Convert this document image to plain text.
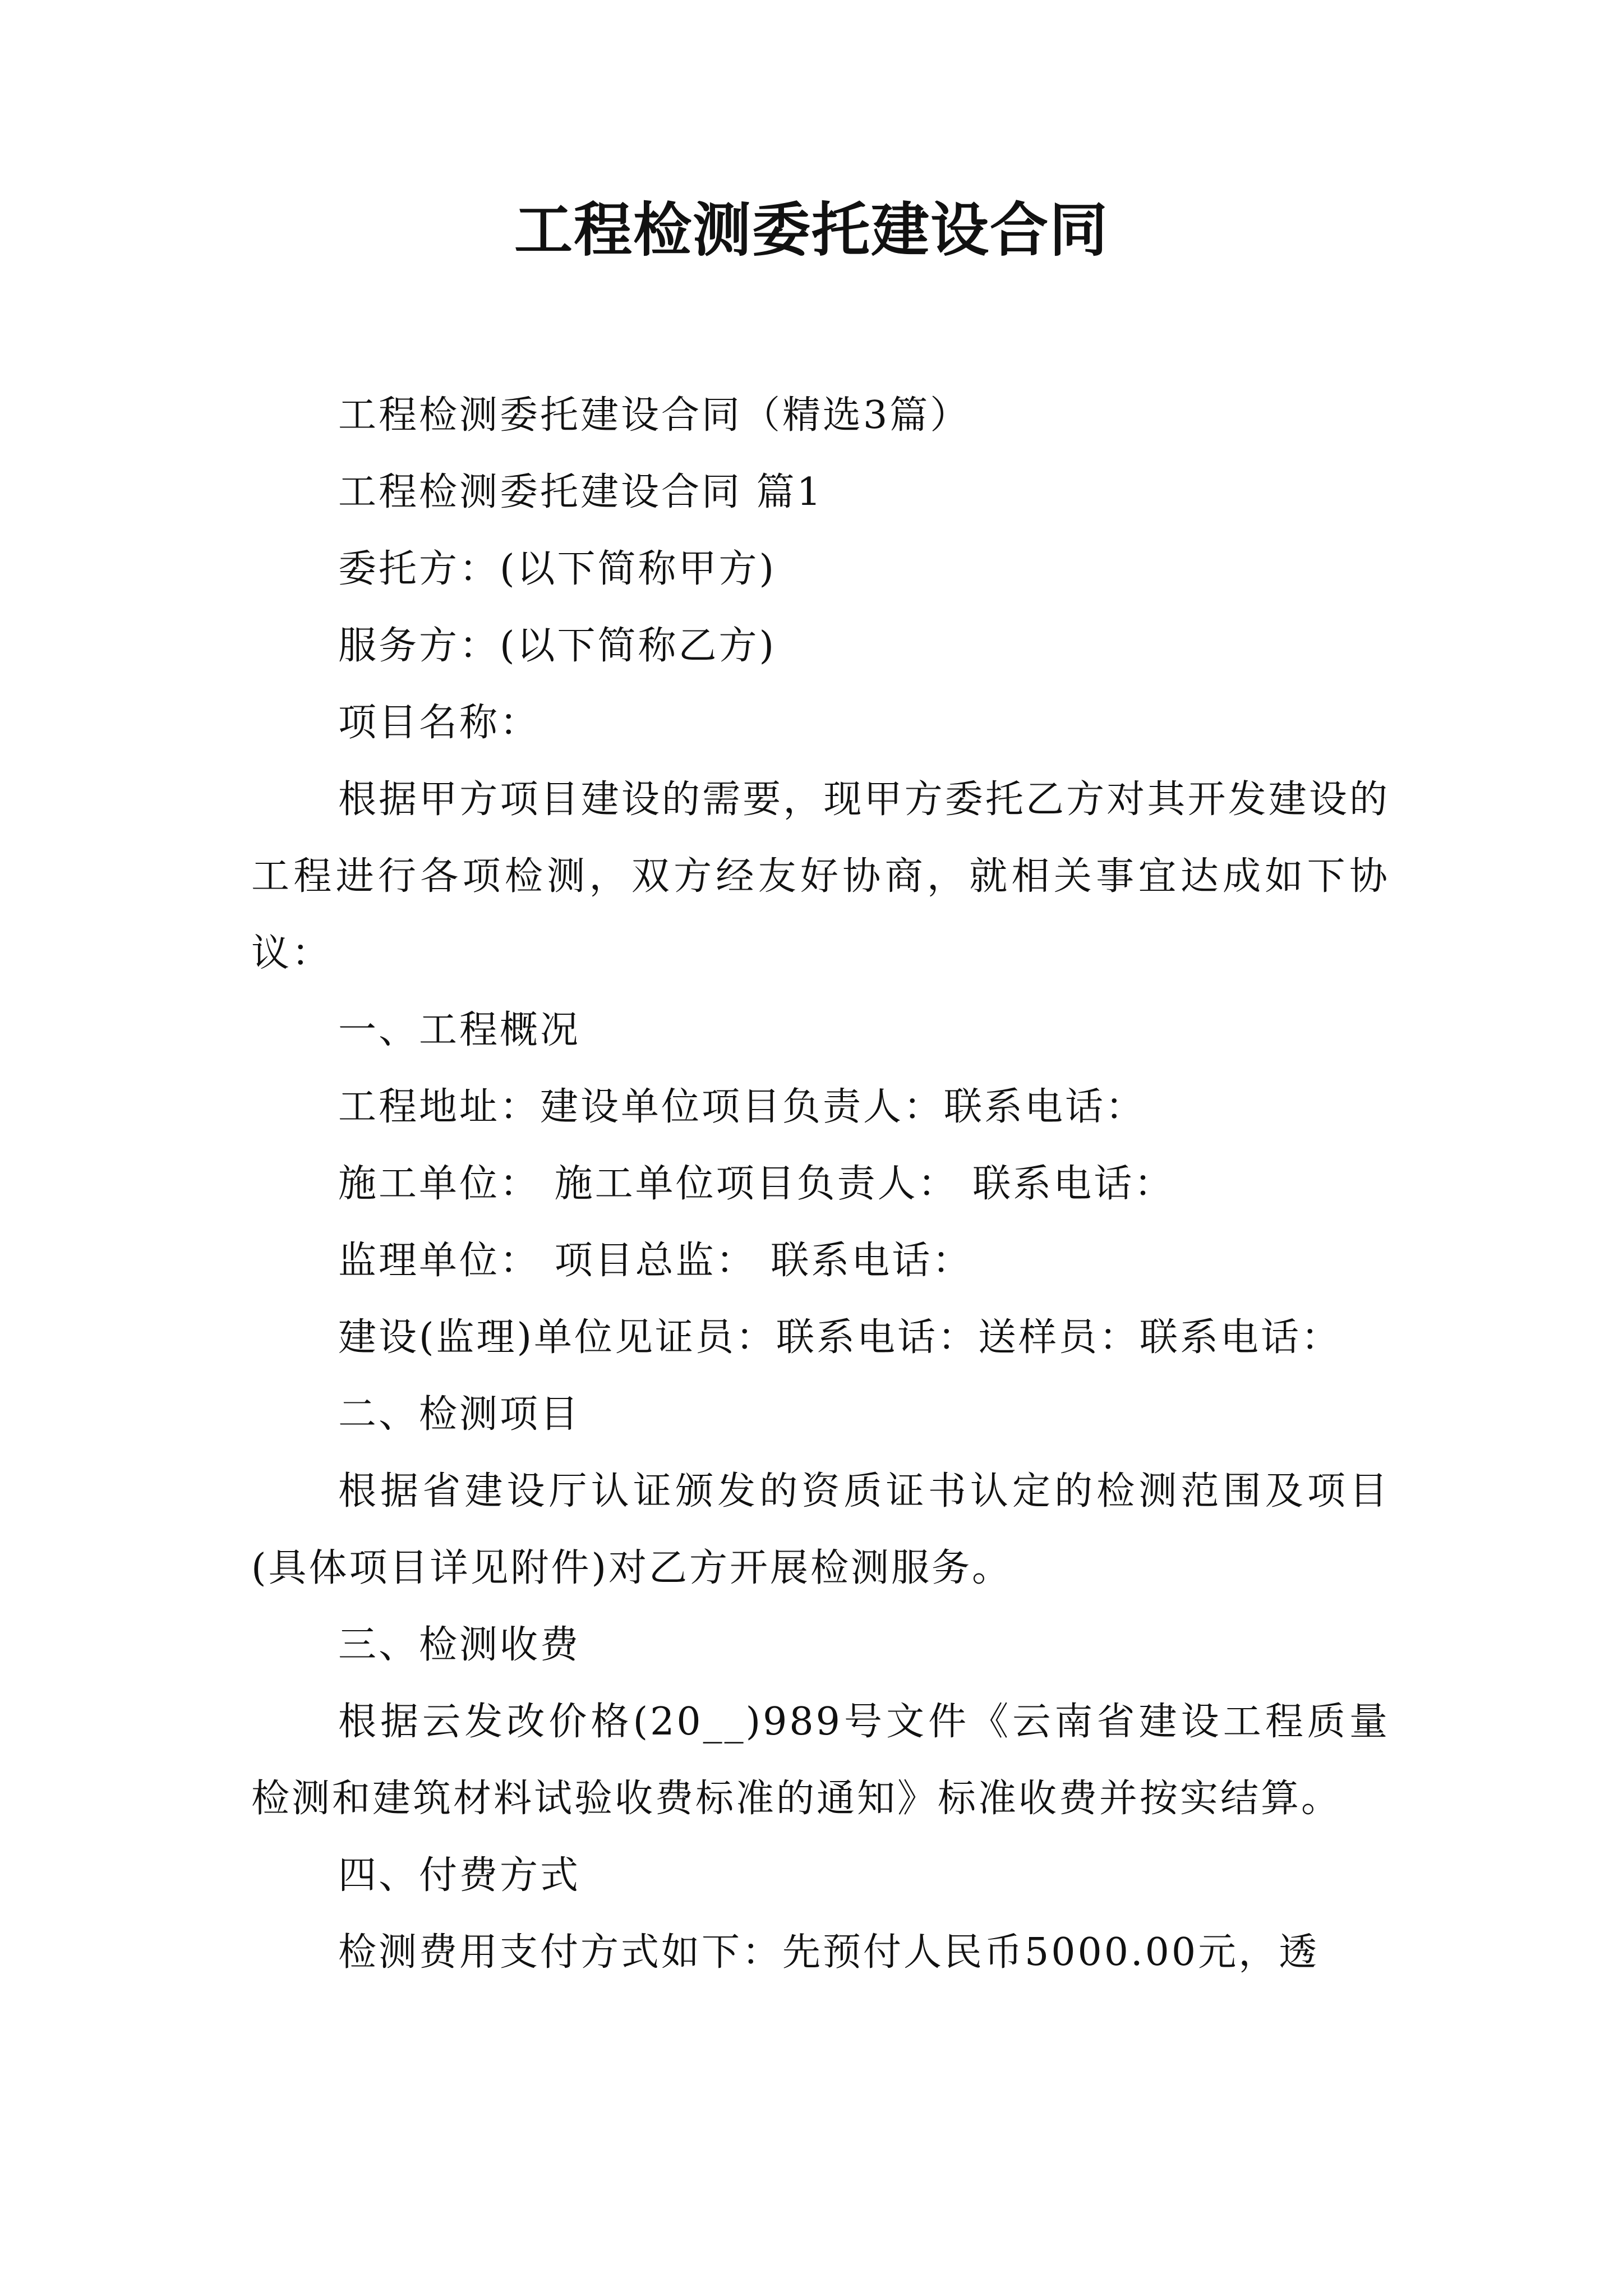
工程检测委托建设合同

工程检测委托建设合同（精选3篇）

工程检测委托建设合同 篇1

委托方：(以下简称甲方)

服务方：(以下简称乙方)

项目名称：

根据甲方项目建设的需要，现甲方委托乙方对其开发建设的工程进行各项检测，双方经友好协商，就相关事宜达成如下协议：

一、工程概况

工程地址：建设单位项目负责人：联系电话：

施工单位： 施工单位项目负责人： 联系电话：

监理单位： 项目总监： 联系电话：

建设(监理)单位见证员：联系电话：送样员：联系电话：

二、检测项目

根据省建设厅认证颁发的资质证书认定的检测范围及项目(具体项目详见附件)对乙方开展检测服务。

三、检测收费

根据云发改价格(20__)989号文件《云南省建设工程质量检测和建筑材料试验收费标准的通知》标准收费并按实结算。

四、付费方式

检测费用支付方式如下：先预付人民币5000.00元，透
